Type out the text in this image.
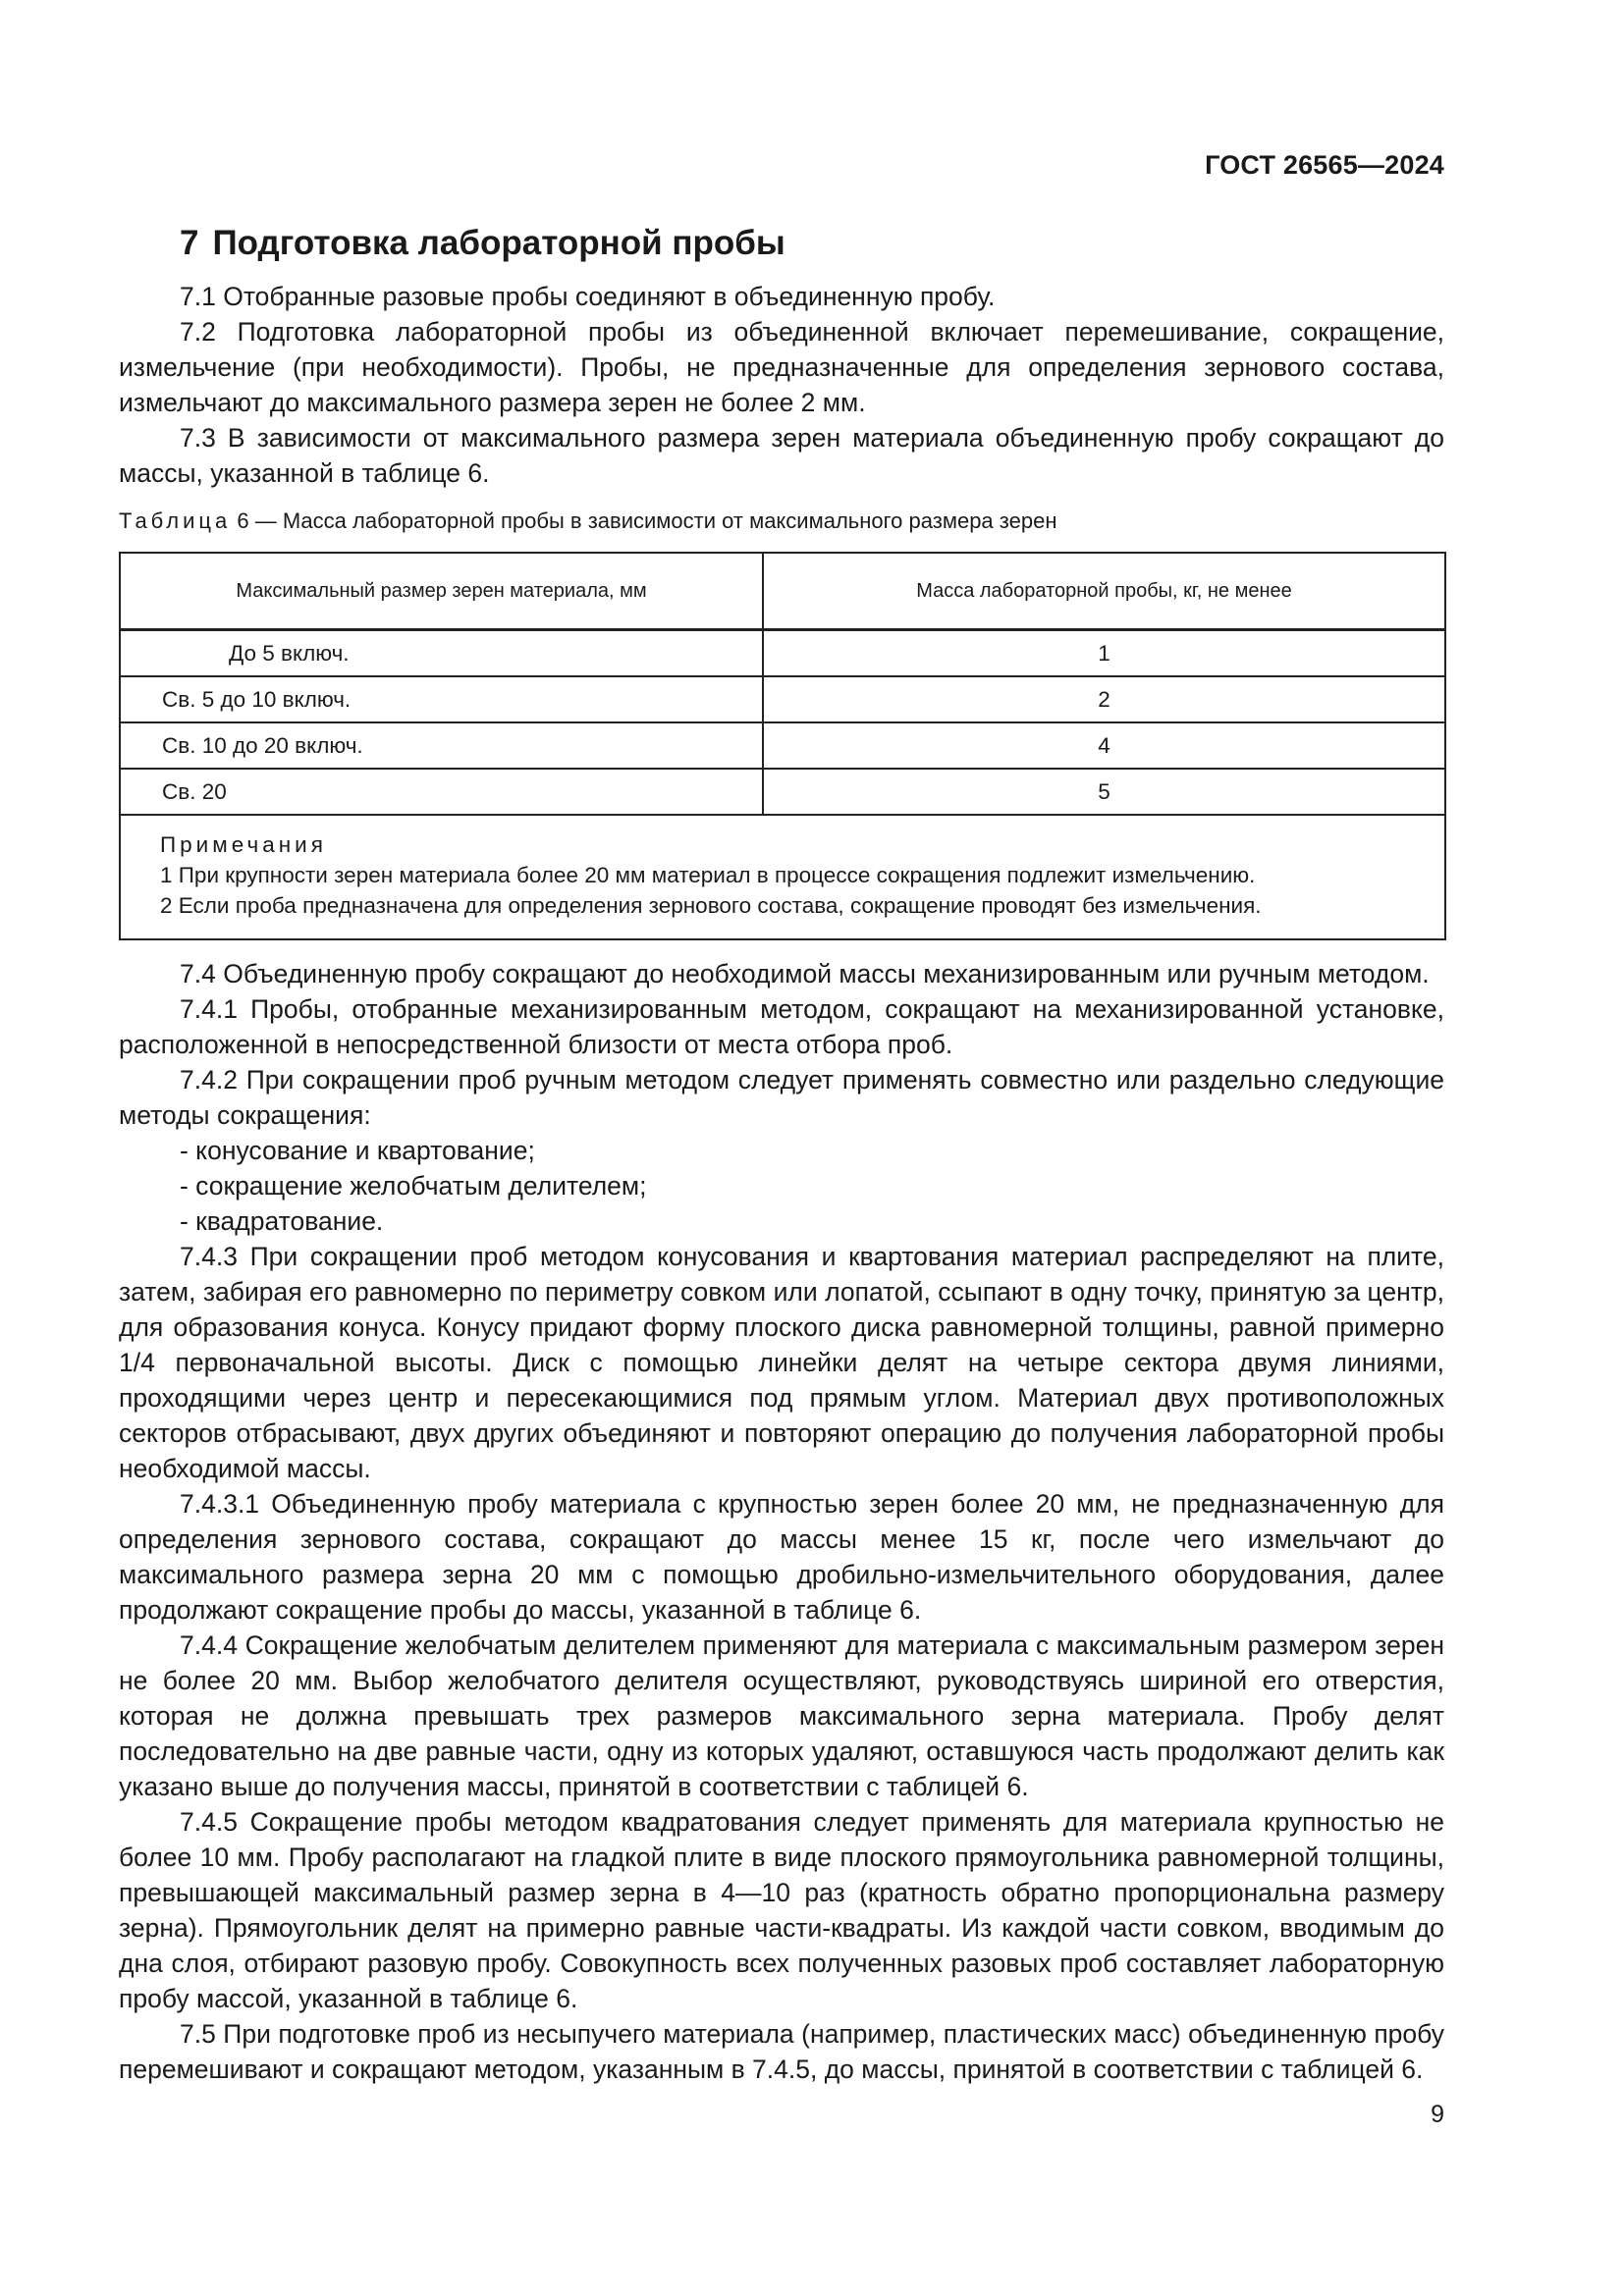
ГОСТ 26565—2024
7 Подготовка лабораторной пробы

7.1 Отобранные разовые пробы соединяют в объединенную пробу.

7.2 Подготовка лабораторной пробы из объединенной включает перемешивание, сокращение, измельчение (при необходимости). Пробы, не предназначенные для определения зернового состава, измельчают до максимального размера зерен не более 2 мм.

7.3 В зависимости от максимального размера зерен материала объединенную пробу сокращают до массы, указанной в таблице 6.

Таблица 6 — Масса лабораторной пробы в зависимости от максимального размера зерен
Максимальный размер зерен материала, мм	Масса лабораторной пробы, кг, не менее
До 5 включ.	1
Св. 5 до 10 включ.	2
Св. 10 до 20 включ.	4
Св. 20	5

Примечания
1 При крупности зерен материала более 20 мм материал в процессе сокращения подлежит измельчению.
2 Если проба предназначена для определения зернового состава, сокращение проводят без измельчения.	

7.4 Объединенную пробу сокращают до необходимой массы механизированным или ручным методом.

7.4.1 Пробы, отобранные механизированным методом, сокращают на механизированной установке, расположенной в непосредственной близости от места отбора проб.

7.4.2 При сокращении проб ручным методом следует применять совместно или раздельно следующие методы сокращения:

- конусование и квартование;

- сокращение желобчатым делителем;

- квадратование.

7.4.3 При сокращении проб методом конусования и квартования материал распределяют на плите, затем, забирая его равномерно по периметру совком или лопатой, ссыпают в одну точку, принятую за центр, для образования конуса. Конусу придают форму плоского диска равномерной толщины, равной примерно 1/4 первоначальной высоты. Диск с помощью линейки делят на четыре сектора двумя линиями, проходящими через центр и пересекающимися под прямым углом. Материал двух противоположных секторов отбрасывают, двух других объединяют и повторяют операцию до получения лабораторной пробы необходимой массы.

7.4.3.1 Объединенную пробу материала с крупностью зерен более 20 мм, не предназначенную для определения зернового состава, сокращают до массы менее 15 кг, после чего измельчают до максимального размера зерна 20 мм с помощью дробильно-измельчительного оборудования, далее продолжают сокращение пробы до массы, указанной в таблице 6.

7.4.4 Сокращение желобчатым делителем применяют для материала с максимальным размером зерен не более 20 мм. Выбор желобчатого делителя осуществляют, руководствуясь шириной его отверстия, которая не должна превышать трех размеров максимального зерна материала. Пробу делят последовательно на две равные части, одну из которых удаляют, оставшуюся часть продолжают делить как указано выше до получения массы, принятой в соответствии с таблицей 6.

7.4.5 Сокращение пробы методом квадратования следует применять для материала крупностью не более 10 мм. Пробу располагают на гладкой плите в виде плоского прямоугольника равномерной толщины, превышающей максимальный размер зерна в 4—10 раз (кратность обратно пропорциональна размеру зерна). Прямоугольник делят на примерно равные части-квадраты. Из каждой части совком, вводимым до дна слоя, отбирают разовую пробу. Совокупность всех полученных разовых проб составляет лабораторную пробу массой, указанной в таблице 6.

7.5 При подготовке проб из несыпучего материала (например, пластических масс) объединенную пробу перемешивают и сокращают методом, указанным в 7.4.5, до массы, принятой в соответствии с таблицей 6.

9
